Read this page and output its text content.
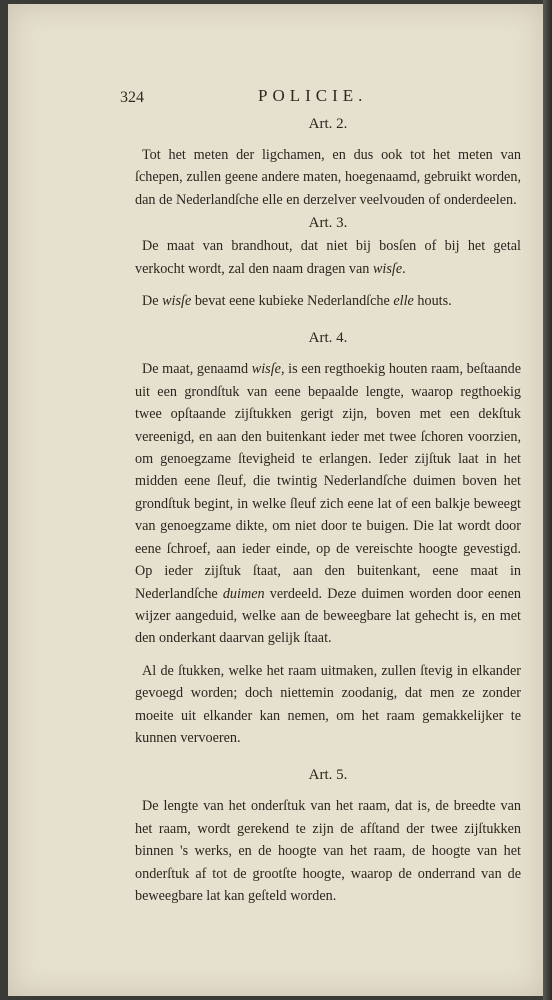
324	POLICIE.

Art. 2.

Tot het meten der ligchamen, en dus ook tot het meten van ſchepen, zullen geene andere maten, hoegenaamd, gebruikt worden, dan de Nederlandſche elle en derzelver veelvouden of onderdeelen.

Art. 3.

De maat van brandhout, dat niet bij bosſen of bij het getal verkocht wordt, zal den naam dragen van wisſe.

De wisſe bevat eene kubieke Nederlandſche elle houts.

Art. 4.

De maat, genaamd wisſe, is een regthoekig houten raam, beſtaande uit een grondſtuk van eene bepaalde lengte, waarop regthoekig twee opſtaande zijſtukken gerigt zijn, boven met een dekſtuk vereenigd, en aan den buitenkant ieder met twee ſchoren voorzien, om genoegzame ſtevigheid te erlangen. Ieder zijſtuk laat in het midden eene ſleuf, die twintig Nederlandſche duimen boven het grondſtuk begint, in welke ſleuf zich eene lat of een balkje beweegt van genoegzame dikte, om niet door te buigen. Die lat wordt door eene ſchroef, aan ieder einde, op de vereischte hoogte gevestigd. Op ieder zijſtuk ſtaat, aan den buitenkant, eene maat in Nederlandſche duimen verdeeld. Deze duimen worden door eenen wijzer aangeduid, welke aan de beweegbare lat gehecht is, en met den onderkant daarvan gelijk ſtaat.

Al de ſtukken, welke het raam uitmaken, zullen ſtevig in elkander gevoegd worden; doch niettemin zoodanig, dat men ze zonder moeite uit elkander kan nemen, om het raam gemakkelijker te kunnen vervoeren.

Art. 5.

De lengte van het onderſtuk van het raam, dat is, de breedte van het raam, wordt gerekend te zijn de afſtand der twee zijſtukken binnen 's werks, en de hoogte van het raam, de hoogte van het onderſtuk af tot de grootſte hoogte, waarop de onderrand van de beweegbare lat kan geſteld worden.
